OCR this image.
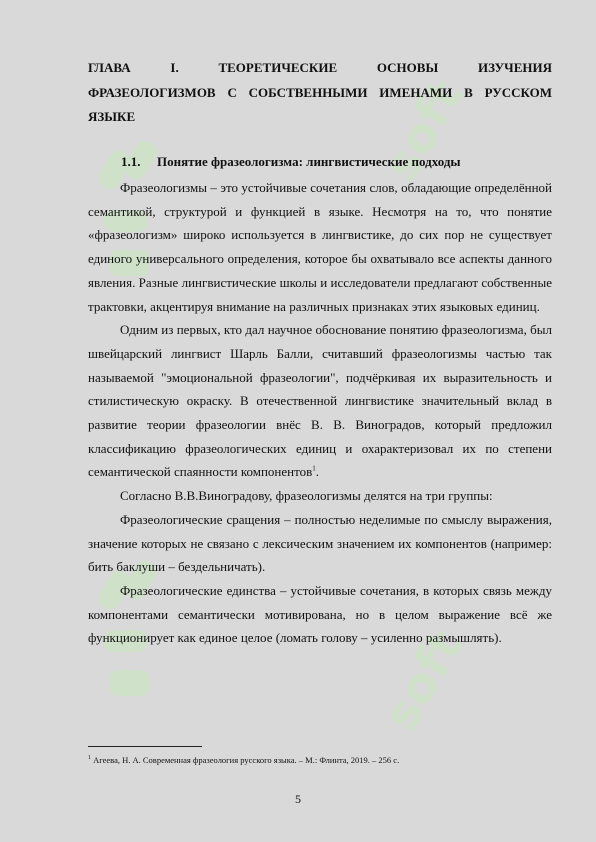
soft
soft
ГЛАВА I. ТЕОРЕТИЧЕСКИЕ ОСНОВЫ ИЗУЧЕНИЯ
ФРАЗЕОЛОГИЗМОВ С СОБСТВЕННЫМИ ИМЕНАМИ В РУССКОМ ЯЗЫКЕ
1.1. Понятие фразеологизма: лингвистические подходы

Фразеологизмы – это устойчивые сочетания слов, обладающие определённой семантикой, структурой и функцией в языке. Несмотря на то, что понятие «фразеологизм» широко используется в лингвистике, до сих пор не существует единого универсального определения, которое бы охватывало все аспекты данного явления. Разные лингвистические школы и исследователи предлагают собственные трактовки, акцентируя внимание на различных признаках этих языковых единиц.

Одним из первых, кто дал научное обоснование понятию фразеологизма, был швейцарский лингвист Шарль Балли, считавший фразеологизмы частью так называемой "эмоциональной фразеологии", подчёркивая их выразительность и стилистическую окраску. В отечественной лингвистике значительный вклад в развитие теории фразеологии внёс В. В. Виноградов, который предложил классификацию фразеологических единиц и охарактеризовал их по степени семантической спаянности компонентов$^1$.

Согласно В.В.Виноградову, фразеологизмы делятся на три группы:

Фразеологические сращения – полностью неделимые по смыслу выражения, значение которых не связано с лексическим значением их компонентов (например: бить баклуши – бездельничать).

Фразеологические единства – устойчивые сочетания, в которых связь между компонентами семантически мотивирована, но в целом выражение всё же функционирует как единое целое (ломать голову – усиленно размышлять).

$^1$ Агеева, Н. А. Современная фразеология русского языка. – М.: Флинта, 2019. – 256 с.

5
